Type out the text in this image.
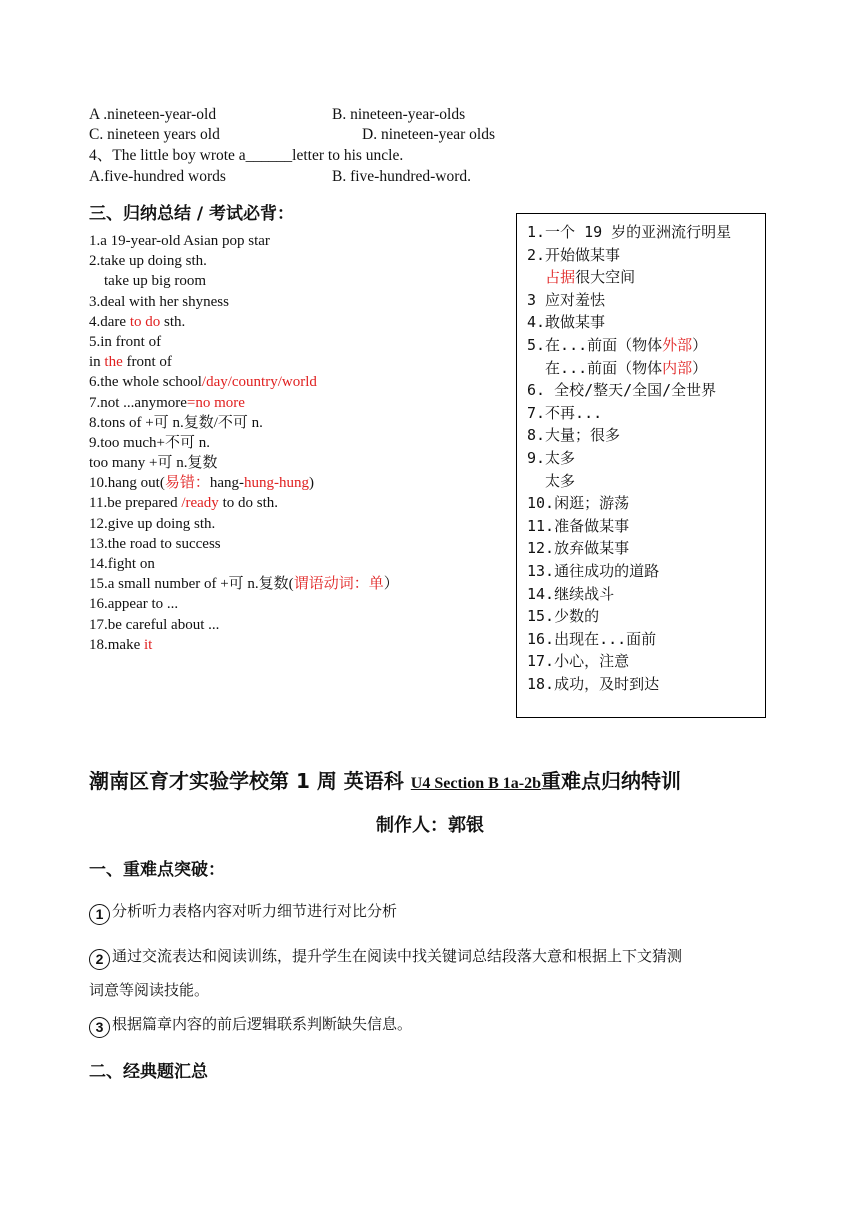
A .nineteen-year-old	B. nineteen-year-olds
C. nineteen years old	D. nineteen-year olds
4、The little boy wrote a______letter to his uncle.
A.five-hundred words	B. five-hundred-word.
三、归纳总结 / 考试必背：
1.a 19-year-old Asian pop star
2.take up doing sth.
take up big room
3.deal with her shyness
4.dare to do sth.
5.in front of
in the front of
6.the whole school/day/country/world
7.not ...anymore=no more
8.tons of +可 n.复数/不可 n.
9.too much+不可 n.
too many +可 n.复数
10.hang out(易错：hang-hung-hung)
11.be prepared /ready to do sth.
12.give up doing sth.
13.the road to success
14.fight on
15.a small number of +可 n.复数(谓语动词：单）
16.appear to ...
17.be careful about ...
18.make it
1.一个 19 岁的亚洲流行明星
2.开始做某事
占据很大空间
3 应对羞怯
4.敢做某事
5.在...前面（物体外部）
在...前面（物体内部）
6. 全校/整天/全国/全世界
7.不再...
8.大量；很多
9.太多
太多
10.闲逛；游荡
11.准备做某事
12.放弃做某事
13.通往成功的道路
14.继续战斗
15.少数的
16.出现在...面前
17.小心，注意
18.成功，及时到达
潮南区育才实验学校第 1 周 英语科 U4 Section B 1a-2b重难点归纳特训
制作人：郭银
一、重难点突破：
1 分析听力表格内容对听力细节进行对比分析
2 通过交流表达和阅读训练，提升学生在阅读中找关键词总结段落大意和根据上下文猜测
词意等阅读技能。
3 根据篇章内容的前后逻辑联系判断缺失信息。
二、经典题汇总
